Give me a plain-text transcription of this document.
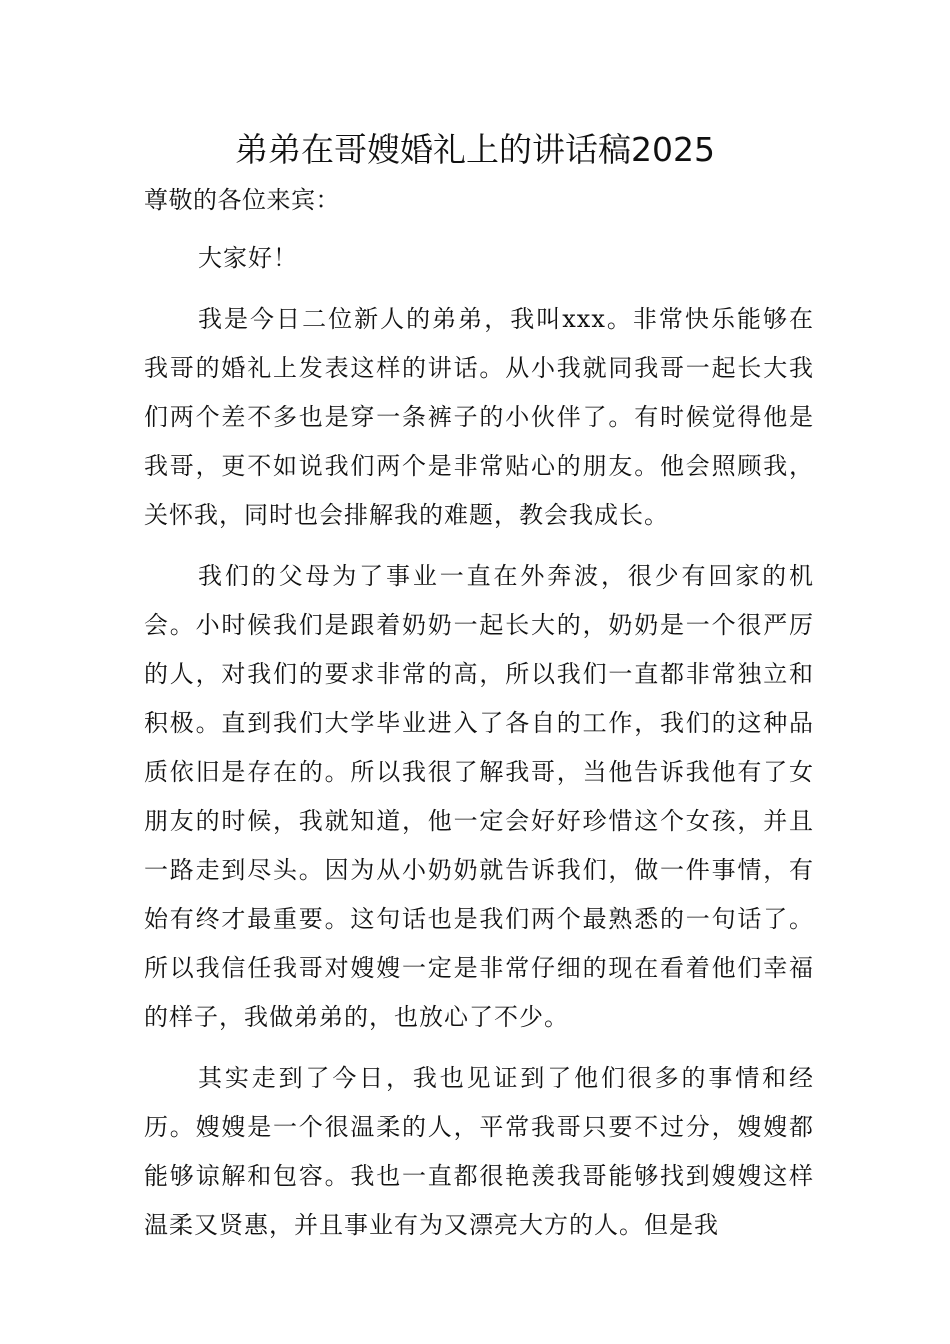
弟弟在哥嫂婚礼上的讲话稿2025

尊敬的各位来宾：

大家好！

我是今日二位新人的弟弟，我叫xxx。非常快乐能够在我哥的婚礼上发表这样的讲话。从小我就同我哥一起长大我们两个差不多也是穿一条裤子的小伙伴了。有时候觉得他是我哥，更不如说我们两个是非常贴心的朋友。他会照顾我，关怀我，同时也会排解我的难题，教会我成长。

我们的父母为了事业一直在外奔波，很少有回家的机会。小时候我们是跟着奶奶一起长大的，奶奶是一个很严厉的人，对我们的要求非常的高，所以我们一直都非常独立和积极。直到我们大学毕业进入了各自的工作，我们的这种品质依旧是存在的。所以我很了解我哥，当他告诉我他有了女朋友的时候，我就知道，他一定会好好珍惜这个女孩，并且一路走到尽头。因为从小奶奶就告诉我们，做一件事情，有始有终才最重要。这句话也是我们两个最熟悉的一句话了。所以我信任我哥对嫂嫂一定是非常仔细的现在看着他们幸福的样子，我做弟弟的，也放心了不少。

其实走到了今日，我也见证到了他们很多的事情和经历。嫂嫂是一个很温柔的人，平常我哥只要不过分，嫂嫂都能够谅解和包容。我也一直都很艳羡我哥能够找到嫂嫂这样温柔又贤惠，并且事业有为又漂亮大方的人。但是我
